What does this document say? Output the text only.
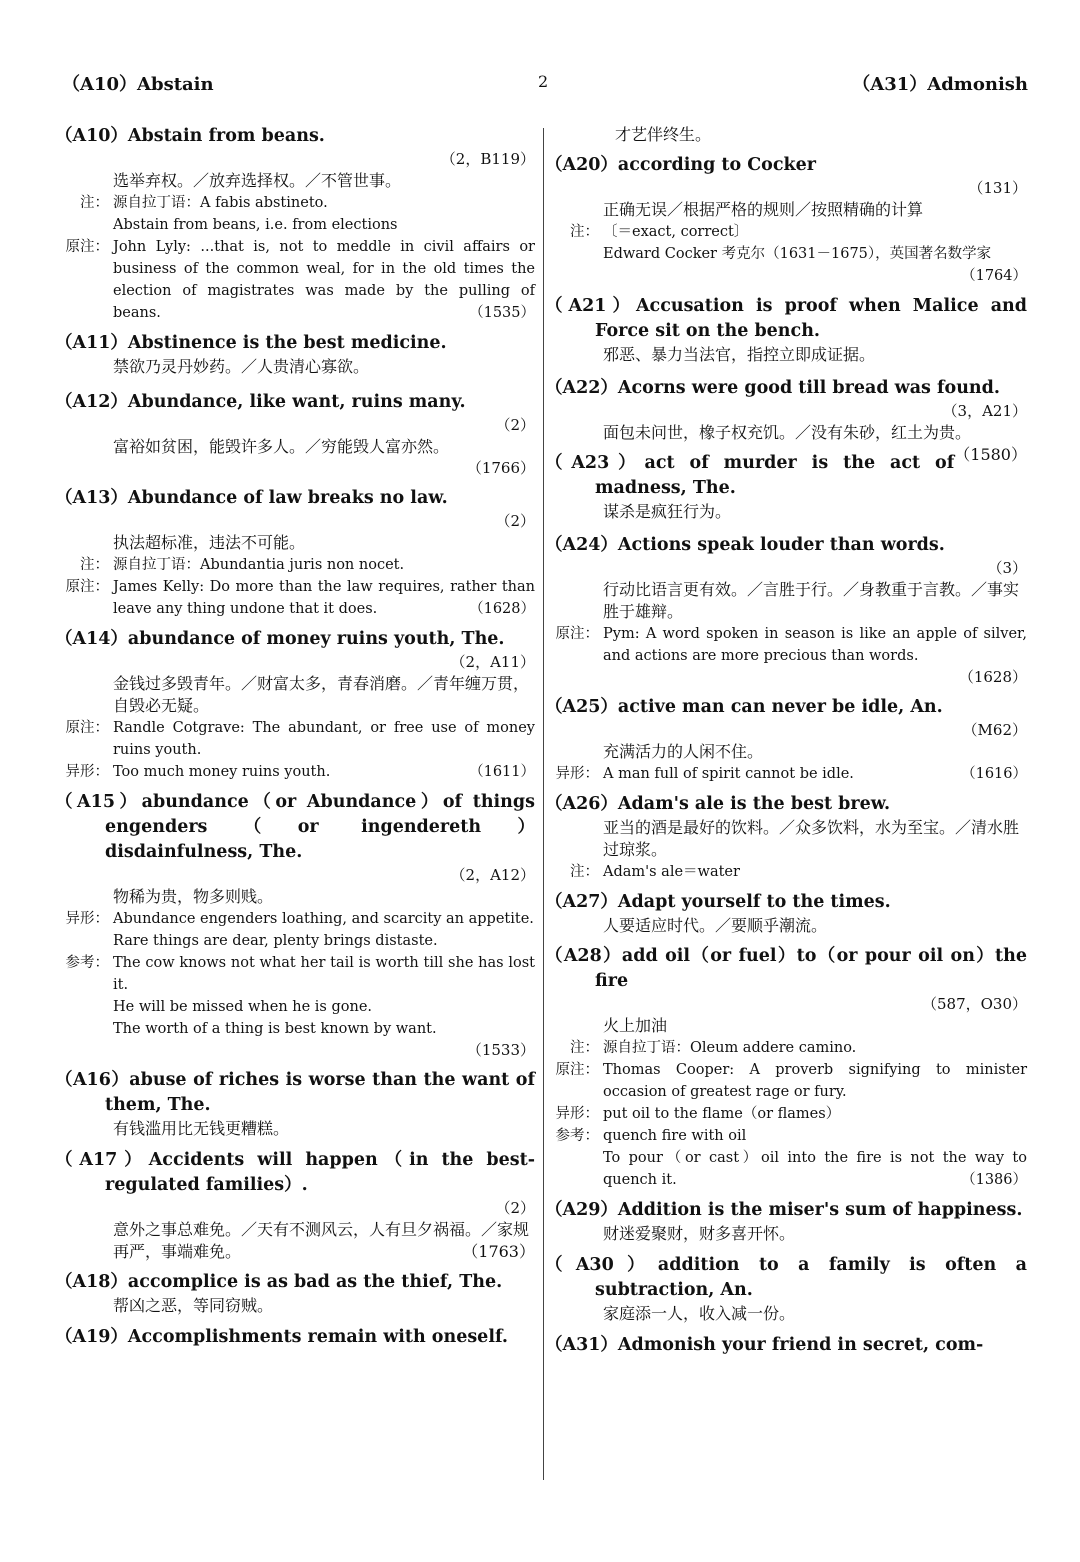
（A10）Abstain	2	（A31）Admonish
（A10）Abstain from beans.
（2，B119）
选举弃权。／放弃选择权。／不管世事。
注： 源自拉丁语：A fabis abstineto.
Abstain from beans, i.e. from elections
原注： John Lyly: ...that is, not to meddle in civil affairs or business of the common weal, for in the old times the election of magistrates was made by the pulling of beans.	（1535）
（A11）Abstinence is the best medicine.
禁欲乃灵丹妙药。／人贵清心寡欲。
（A12）Abundance, like want, ruins many.
（2）
富裕如贫困，能毁许多人。／穷能毁人富亦然。
（1766）
（A13）Abundance of law breaks no law.
（2）
执法超标准，违法不可能。
注： 源自拉丁语：Abundantia juris non nocet.
原注： James Kelly: Do more than the law requires, rather than leave any thing undone that it does.	（1628）
（A14）abundance of money ruins youth, The.
（2，A11）
金钱过多毁青年。／财富太多，青春消磨。／青年缠万贯，自毁必无疑。
原注： Randle Cotgrave: The abundant, or free use of money ruins youth.
异形： Too much money ruins youth.	（1611）
（A15）abundance（or Abundance）of things engenders（or ingendereth）disdainfulness, The.
（2，A12）
物稀为贵，物多则贱。
异形： Abundance engenders loathing, and scarcity an appetite.
Rare things are dear, plenty brings distaste.
参考： The cow knows not what her tail is worth till she has lost it.
He will be missed when he is gone.
The worth of a thing is best known by want.
（1533）
（A16）abuse of riches is worse than the want of them, The.
有钱滥用比无钱更糟糕。
（A17）Accidents will happen（in the best-regulated families）.
（2）
意外之事总难免。／天有不测风云，人有旦夕祸福。／家规再严，事端难免。	（1763）
（A18）accomplice is as bad as the thief, The.
帮凶之恶，等同窃贼。
（A19）Accomplishments remain with oneself.
才艺伴终生。
（A20）according to Cocker
（131）
正确无误／根据严格的规则／按照精确的计算
注： 〔＝exact, correct〕
Edward Cocker 考克尔（1631－1675），英国著名数学家
（1764）
（A21）Accusation is proof when Malice and Force sit on the bench.
邪恶、暴力当法官，指控立即成证据。
（A22）Acorns were good till bread was found.
（3，A21）
面包未问世，橡子权充饥。／没有朱砂，红土为贵。
（1580）
（A23）act of murder is the act of madness, The.
谋杀是疯狂行为。
（A24）Actions speak louder than words.
（3）
行动比语言更有效。／言胜于行。／身教重于言教。／事实胜于雄辩。
原注： Pym: A word spoken in season is like an apple of silver, and actions are more precious than words.
（1628）
（A25）active man can never be idle, An.
（M62）
充满活力的人闲不住。
异形： A man full of spirit cannot be idle.	（1616）
（A26）Adam's ale is the best brew.
亚当的酒是最好的饮料。／众多饮料，水为至宝。／清水胜过琼浆。
注： Adam's ale＝water
（A27）Adapt yourself to the times.
人要适应时代。／要顺乎潮流。
（A28）add oil（or fuel）to（or pour oil on）the fire
（587，O30）
火上加油
注： 源自拉丁语：Oleum addere camino.
原注： Thomas Cooper: A proverb signifying to minister occasion of greatest rage or fury.
异形： put oil to the flame（or flames）
参考： quench fire with oil
To pour（or cast）oil into the fire is not the way to quench it.	（1386）
（A29）Addition is the miser's sum of happiness.
财迷爱聚财，财多喜开怀。
（A30）addition to a family is often a subtraction, An.
家庭添一人，收入减一份。
（A31）Admonish your friend in secret, com-
